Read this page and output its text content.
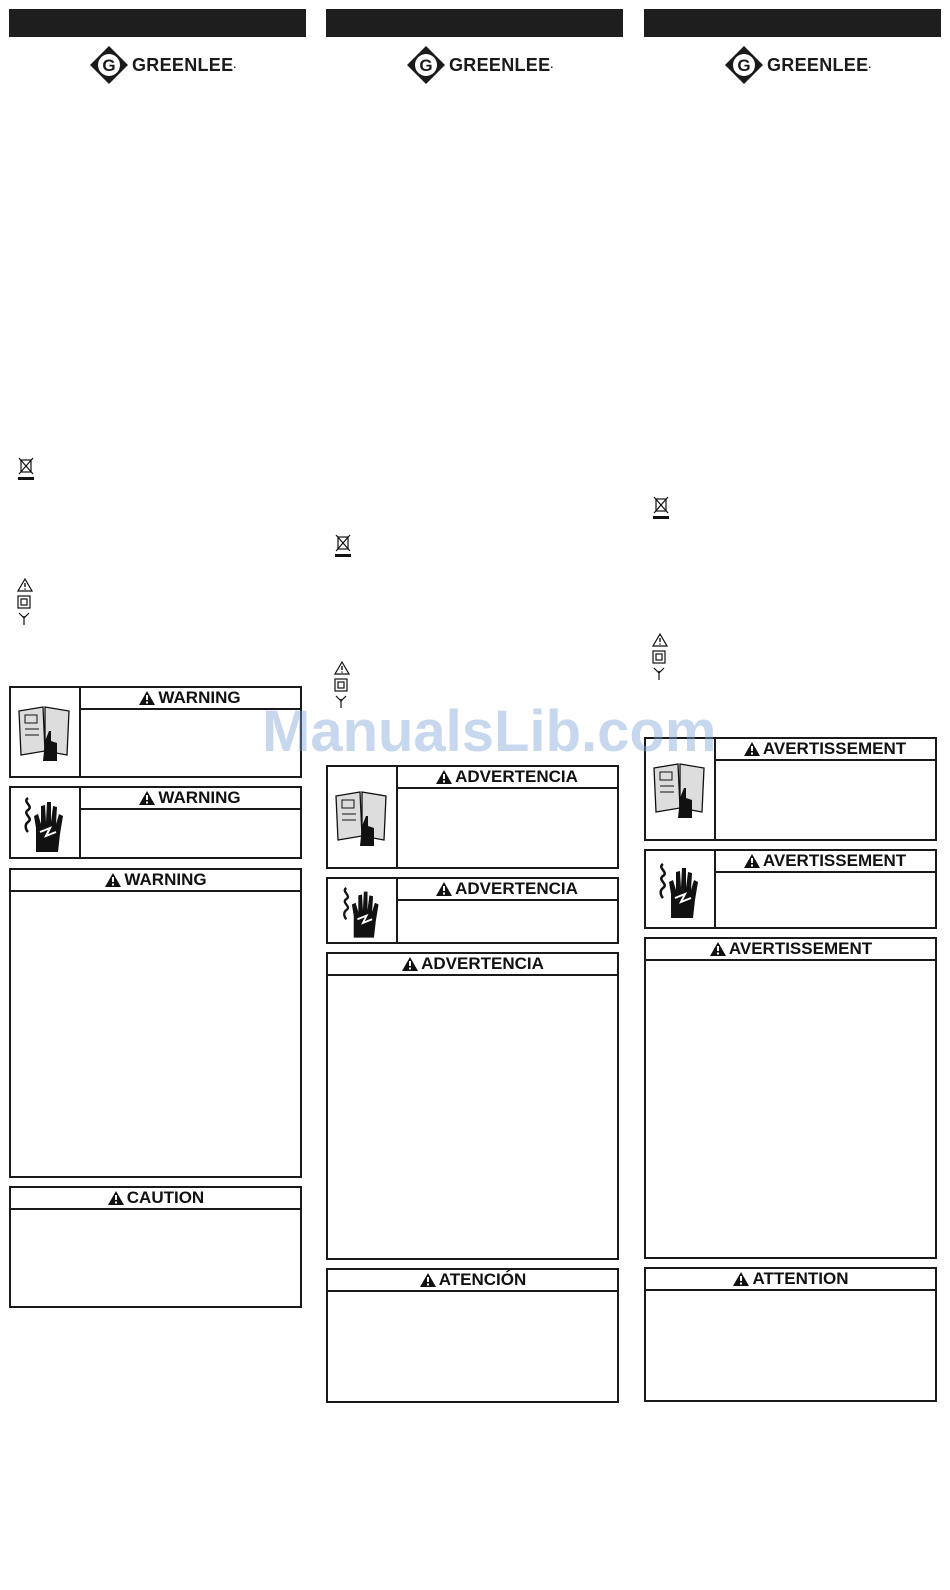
G GREENLEE .
WARNING
WARNING
WARNING
CAUTION
G GREENLEE .
ADVERTENCIA
ADVERTENCIA
ADVERTENCIA
ATENCIÓN
G GREENLEE .
AVERTISSEMENT
AVERTISSEMENT
AVERTISSEMENT
ATTENTION
ManualsLib.com
